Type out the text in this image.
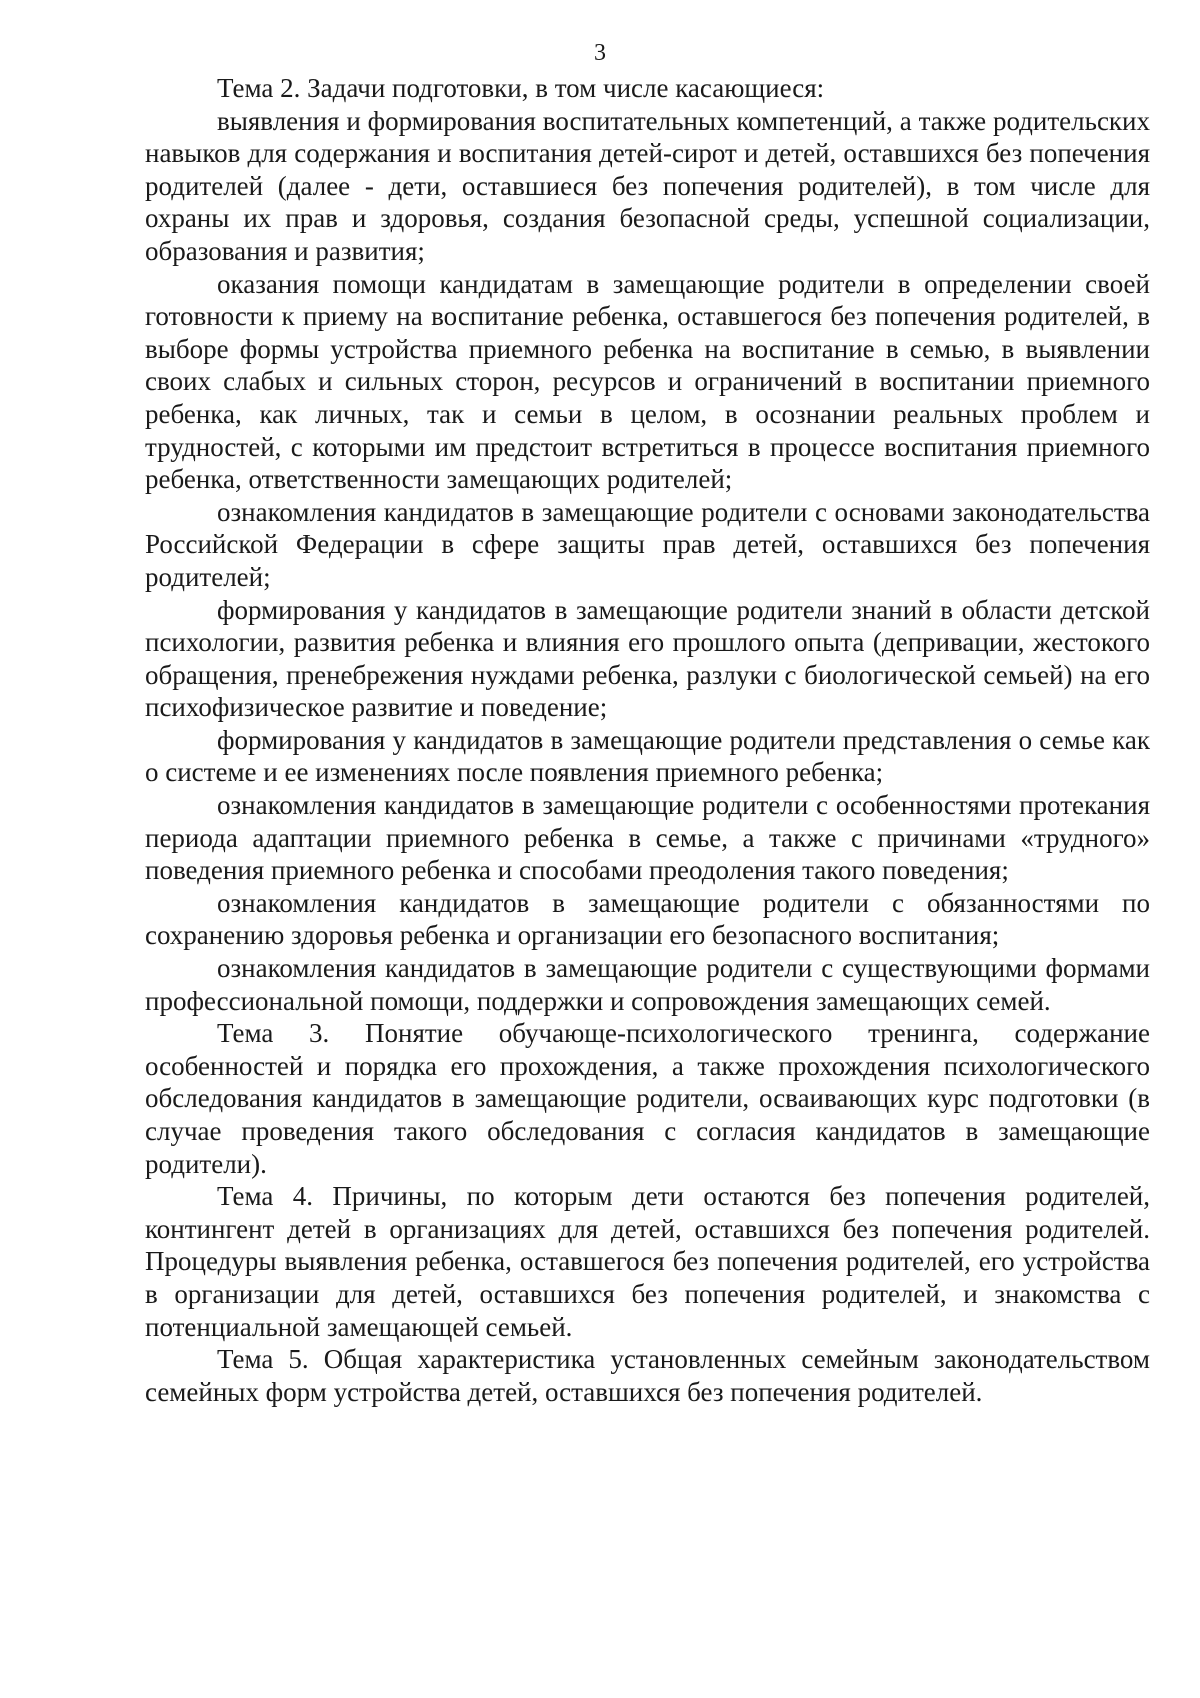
3

Тема 2. Задачи подготовки, в том числе касающиеся:

выявления и формирования воспитательных компетенций, а также родительских навыков для содержания и воспитания детей-сирот и детей, оставшихся без попечения родителей (далее - дети, оставшиеся без попечения родителей), в том числе для охраны их прав и здоровья, создания безопасной среды, успешной социализации, образования и развития;

оказания помощи кандидатам в замещающие родители в определении своей готовности к приему на воспитание ребенка, оставшегося без попечения родителей, в выборе формы устройства приемного ребенка на воспитание в семью, в выявлении своих слабых и сильных сторон, ресурсов и ограничений в воспитании приемного ребенка, как личных, так и семьи в целом, в осознании реальных проблем и трудностей, с которыми им предстоит встретиться в процессе воспитания приемного ребенка, ответственности замещающих родителей;

ознакомления кандидатов в замещающие родители с основами законодательства Российской Федерации в сфере защиты прав детей, оставшихся без попечения родителей;

формирования у кандидатов в замещающие родители знаний в области детской психологии, развития ребенка и влияния его прошлого опыта (депривации, жестокого обращения, пренебрежения нуждами ребенка, разлуки с биологической семьей) на его психофизическое развитие и поведение;

формирования у кандидатов в замещающие родители представления о семье как о системе и ее изменениях после появления приемного ребенка;

ознакомления кандидатов в замещающие родители с особенностями протекания периода адаптации приемного ребенка в семье, а также с причинами «трудного» поведения приемного ребенка и способами преодоления такого поведения;

ознакомления кандидатов в замещающие родители с обязанностями по сохранению здоровья ребенка и организации его безопасного воспитания;

ознакомления кандидатов в замещающие родители с существующими формами профессиональной помощи, поддержки и сопровождения замещающих семей.

Тема 3. Понятие обучающе-психологического тренинга, содержание особенностей и порядка его прохождения, а также прохождения психологического обследования кандидатов в замещающие родители, осваивающих курс подготовки (в случае проведения такого обследования с согласия кандидатов в замещающие родители).

Тема 4. Причины, по которым дети остаются без попечения родителей, контингент детей в организациях для детей, оставшихся без попечения родителей. Процедуры выявления ребенка, оставшегося без попечения родителей, его устройства в организации для детей, оставшихся без попечения родителей, и знакомства с потенциальной замещающей семьей.

Тема 5. Общая характеристика установленных семейным законодательством семейных форм устройства детей, оставшихся без попечения родителей.
